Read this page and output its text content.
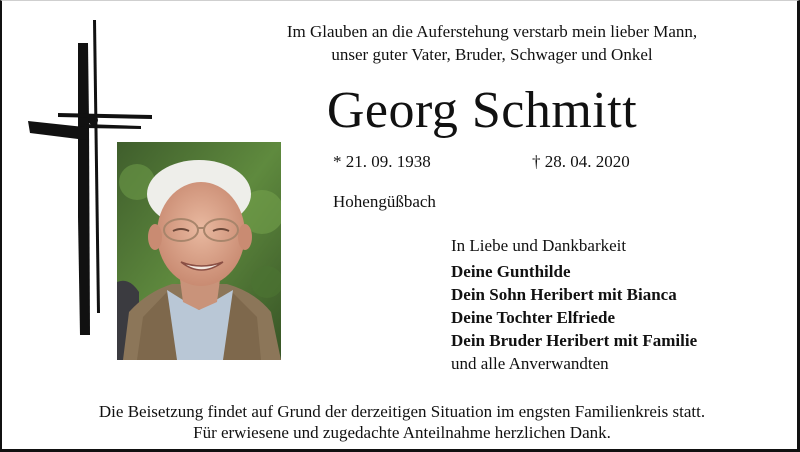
Im Glauben an die Auferstehung verstarb mein lieber Mann,
unser guter Vater, Bruder, Schwager und Onkel
Georg Schmitt
* 21. 09. 1938	† 28. 04. 2020
Hohengüßbach
In Liebe und Dankbarkeit
Deine Gunthilde
Dein Sohn Heribert mit Bianca
Deine Tochter Elfriede
Dein Bruder Heribert mit Familie
und alle Anverwandten
Die Beisetzung findet auf Grund der derzeitigen Situation im engsten Familienkreis statt.
Für erwiesene und zugedachte Anteilnahme herzlichen Dank.
